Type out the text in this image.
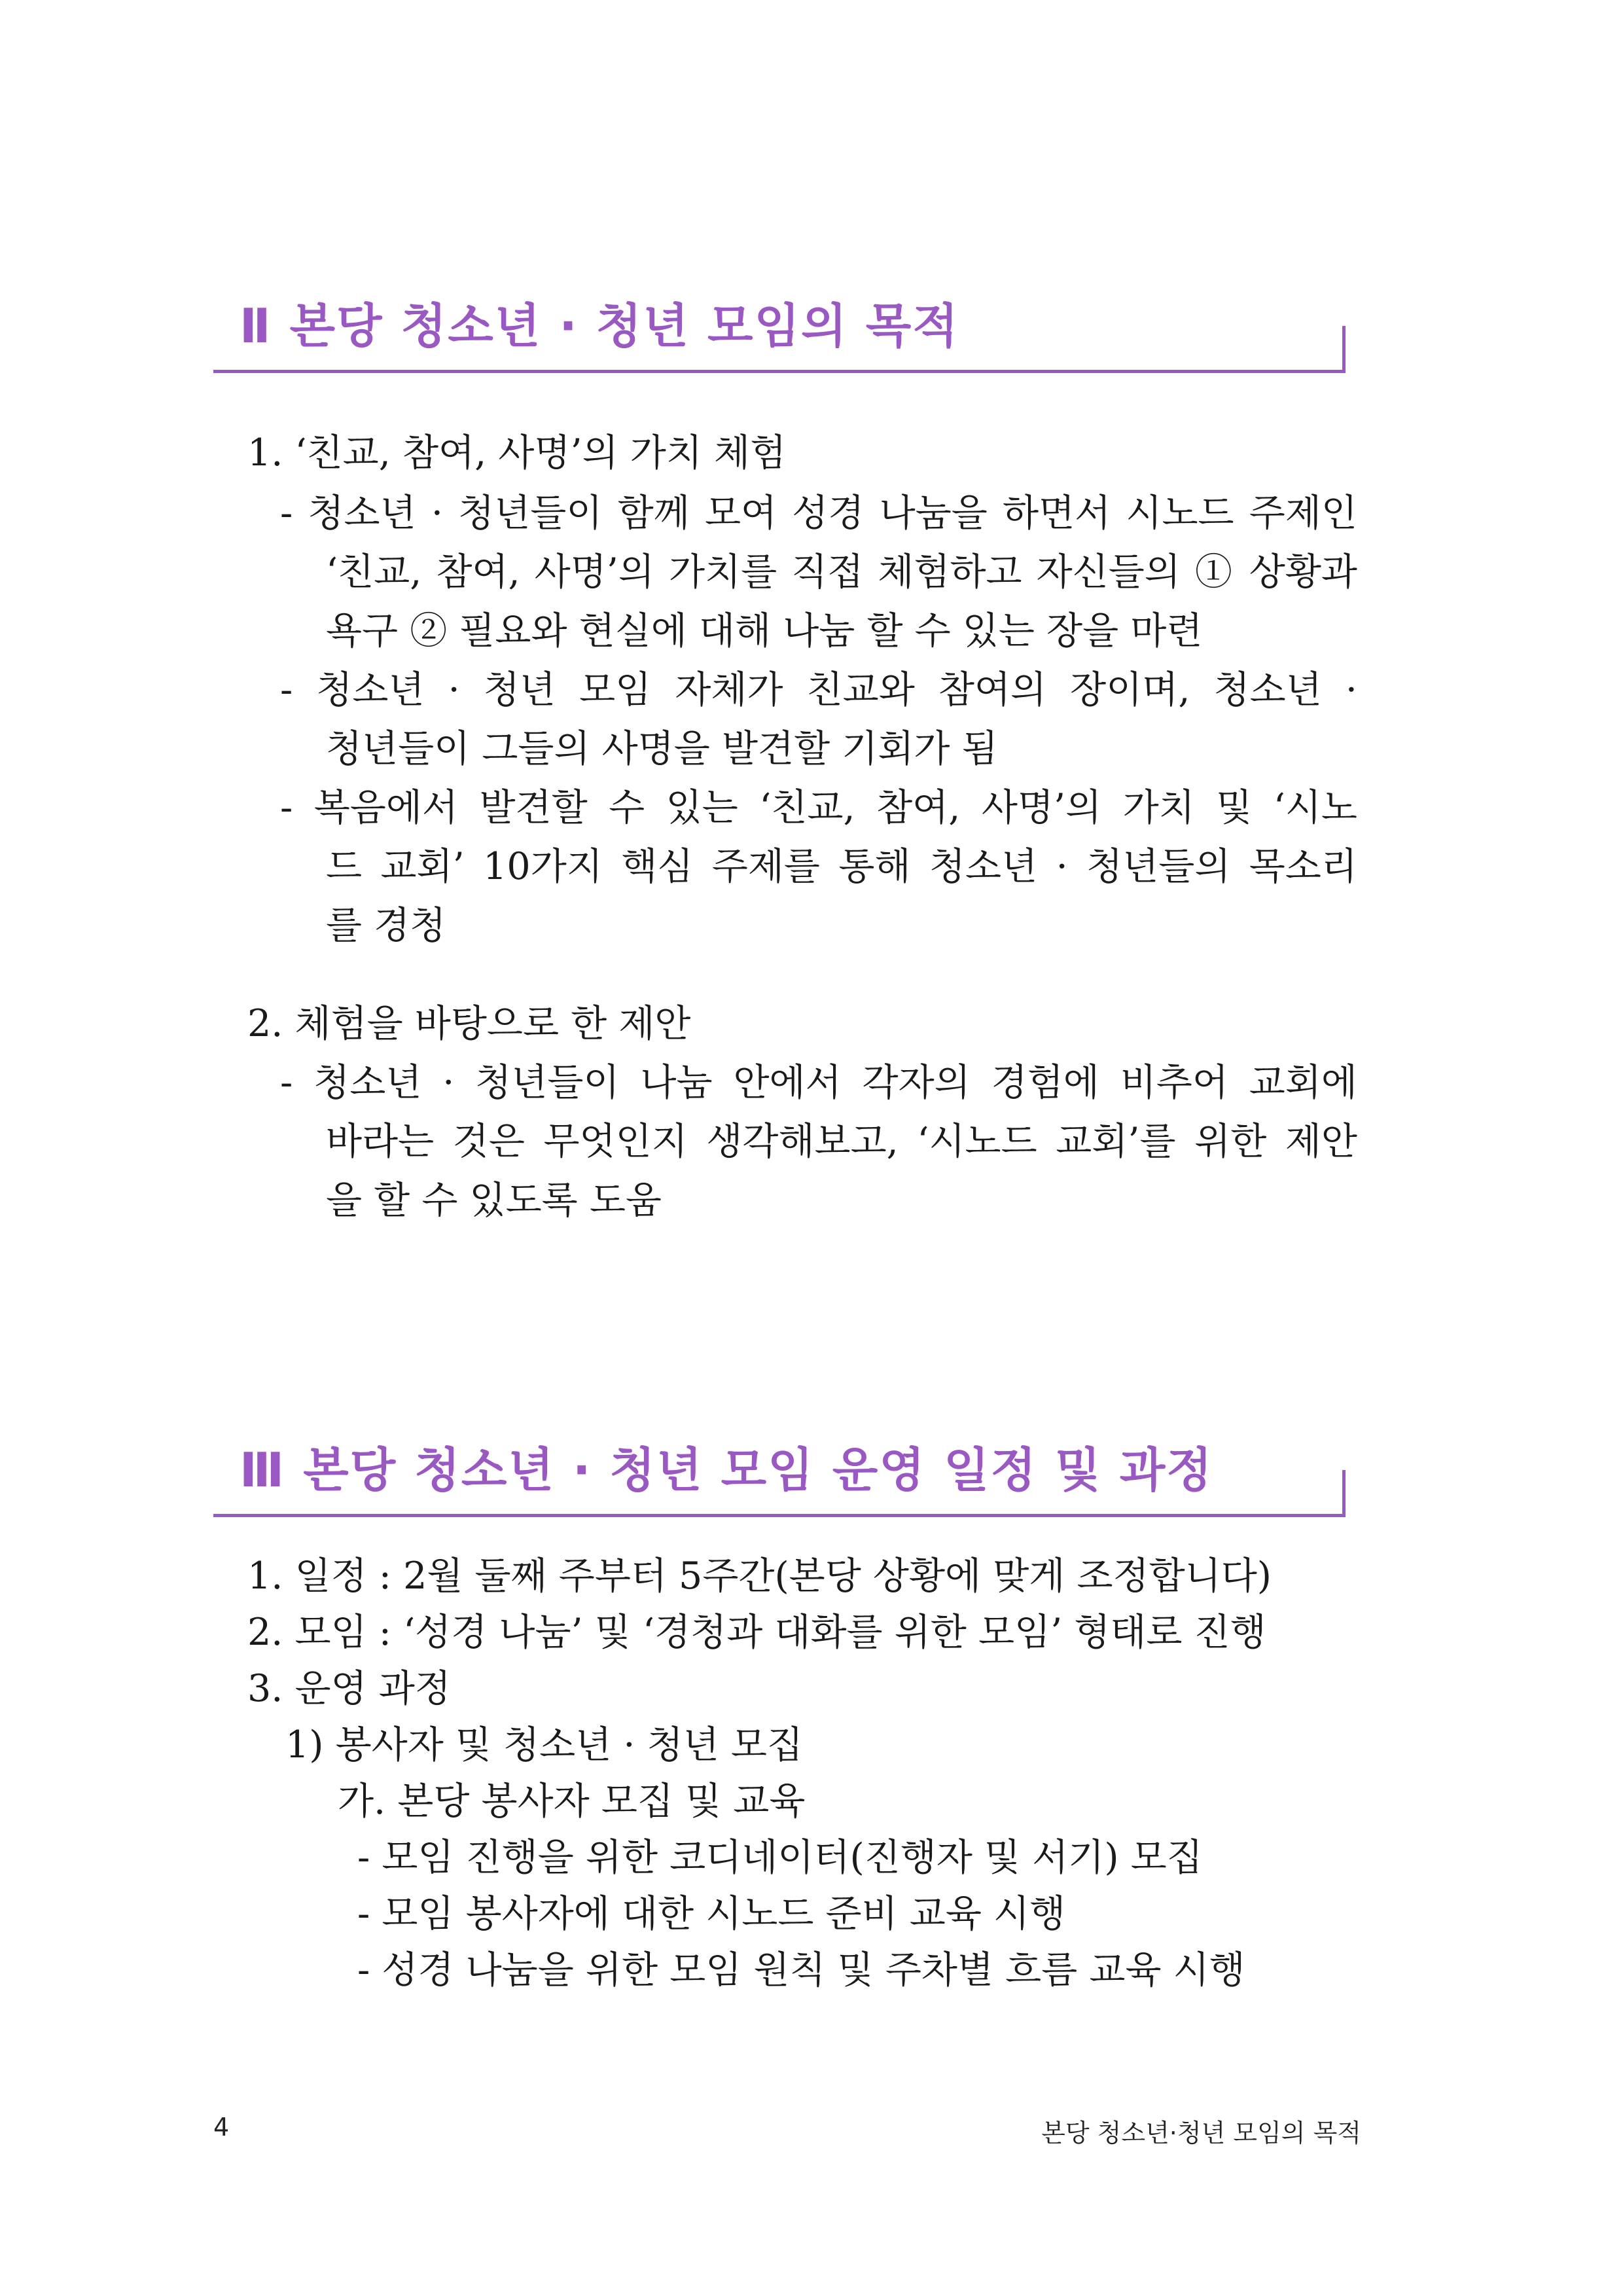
Ⅱ 본당 청소년 · 청년 모임의 목적
1. ‘친교, 참여, 사명’의 가치 체험
- 청소년 · 청년들이 함께 모여 성경 나눔을 하면서 시노드 주제인
‘친교, 참여, 사명’의 가치를 직접 체험하고 자신들의 ① 상황과
욕구 ② 필요와 현실에 대해 나눔 할 수 있는 장을 마련
- 청소년 · 청년 모임 자체가 친교와 참여의 장이며, 청소년 ·
청년들이 그들의 사명을 발견할 기회가 됨
- 복음에서 발견할 수 있는 ‘친교, 참여, 사명’의 가치 및 ‘시노
드 교회’ 10가지 핵심 주제를 통해 청소년 · 청년들의 목소리
를 경청
2. 체험을 바탕으로 한 제안
- 청소년 · 청년들이 나눔 안에서 각자의 경험에 비추어 교회에
바라는 것은 무엇인지 생각해보고, ‘시노드 교회’를 위한 제안
을 할 수 있도록 도움
Ⅲ 본당 청소년 · 청년 모임 운영 일정 및 과정
1. 일정 : 2월 둘째 주부터 5주간(본당 상황에 맞게 조정합니다)
2. 모임 : ‘성경 나눔’ 및 ‘경청과 대화를 위한 모임’ 형태로 진행
3. 운영 과정
1) 봉사자 및 청소년 · 청년 모집
가. 본당 봉사자 모집 및 교육
- 모임 진행을 위한 코디네이터(진행자 및 서기) 모집
- 모임 봉사자에 대한 시노드 준비 교육 시행
- 성경 나눔을 위한 모임 원칙 및 주차별 흐름 교육 시행
4	본당 청소년·청년 모임의 목적
